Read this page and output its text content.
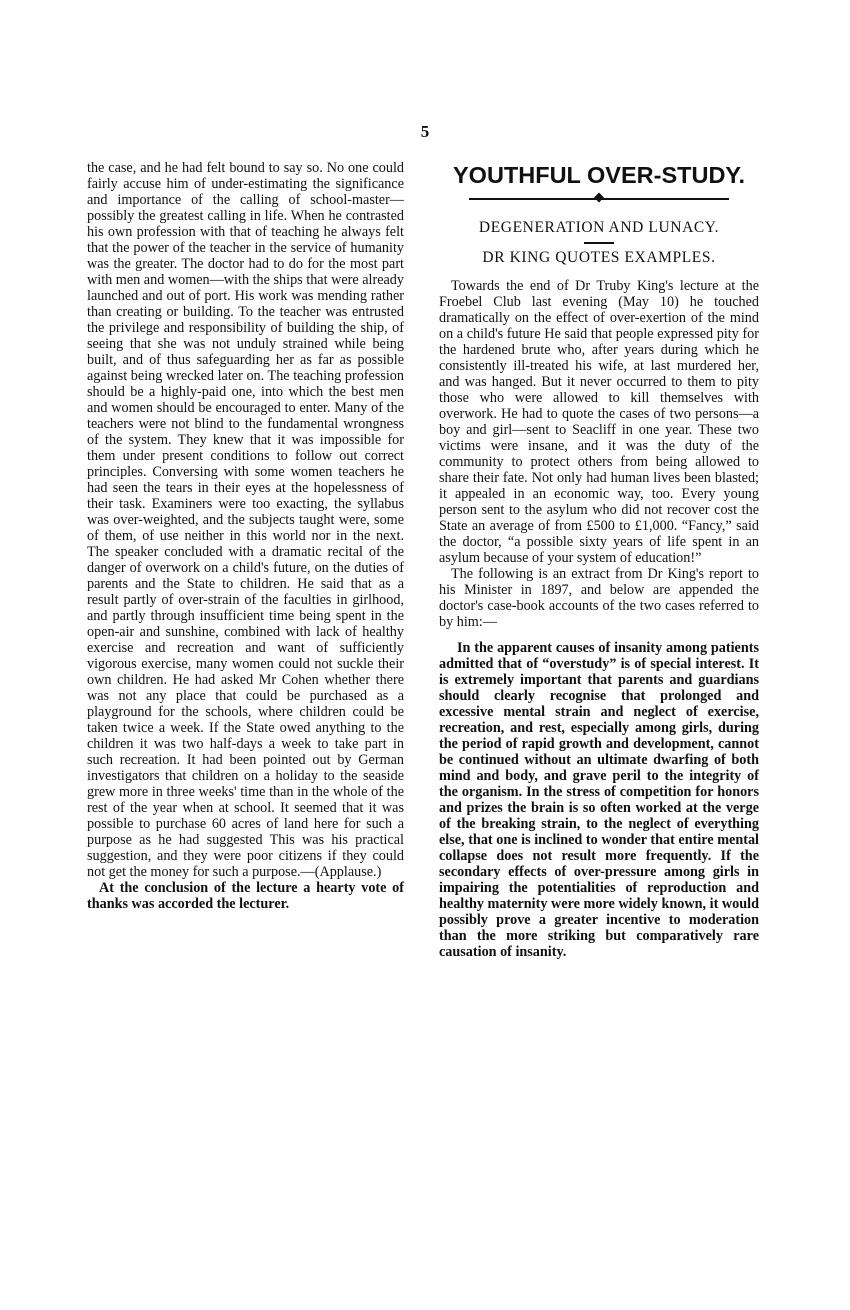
5

the case, and he had felt bound to say so. No one could fairly accuse him of under-estimating the significance and importance of the calling of school-master—possibly the greatest calling in life. When he contrasted his own profession with that of teaching he always felt that the power of the teacher in the service of humanity was the greater. The doctor had to do for the most part with men and women—with the ships that were already launched and out of port. His work was mending rather than creating or building. To the teacher was entrusted the privilege and responsibility of building the ship, of seeing that she was not unduly strained while being built, and of thus safeguarding her as far as possible against being wrecked later on. The teaching profession should be a highly-paid one, into which the best men and women should be encouraged to enter. Many of the teachers were not blind to the fundamental wrongness of the system. They knew that it was impossible for them under present conditions to follow out correct principles. Conversing with some women teachers he had seen the tears in their eyes at the hopelessness of their task. Examiners were too exacting, the syllabus was over-weighted, and the subjects taught were, some of them, of use neither in this world nor in the next. The speaker concluded with a dramatic recital of the danger of overwork on a child's future, on the duties of parents and the State to children. He said that as a result partly of over-strain of the faculties in girlhood, and partly through insufficient time being spent in the open-air and sunshine, combined with lack of healthy exercise and recreation and want of sufficiently vigorous exercise, many women could not suckle their own children. He had asked Mr Cohen whether there was not any place that could be purchased as a playground for the schools, where children could be taken twice a week. If the State owed anything to the children it was two half-days a week to take part in such recreation. It had been pointed out by German investigators that children on a holiday to the seaside grew more in three weeks' time than in the whole of the rest of the year when at school. It seemed that it was possible to purchase 60 acres of land here for such a purpose as he had suggested This was his practical suggestion, and they were poor citizens if they could not get the money for such a purpose.—(Applause.)

At the conclusion of the lecture a hearty vote of thanks was accorded the lecturer.

YOUTHFUL OVER-STUDY.
DEGENERATION AND LUNACY.
DR KING QUOTES EXAMPLES.

Towards the end of Dr Truby King's lecture at the Froebel Club last evening (May 10) he touched dramatically on the effect of over-exertion of the mind on a child's future He said that people expressed pity for the hardened brute who, after years during which he consistently ill-treated his wife, at last murdered her, and was hanged. But it never occurred to them to pity those who were allowed to kill themselves with overwork. He had to quote the cases of two persons—a boy and girl—sent to Seacliff in one year. These two victims were insane, and it was the duty of the community to protect others from being allowed to share their fate. Not only had human lives been blasted; it appealed in an economic way, too. Every young person sent to the asylum who did not recover cost the State an average of from £500 to £1,000. “Fancy,” said the doctor, “a possible sixty years of life spent in an asylum because of your system of education!”

The following is an extract from Dr King's report to his Minister in 1897, and below are appended the doctor's case-book accounts of the two cases referred to by him:—

In the apparent causes of insanity among patients admitted that of “overstudy” is of special interest. It is extremely important that parents and guardians should clearly recognise that prolonged and excessive mental strain and neglect of exercise, recreation, and rest, especially among girls, during the period of rapid growth and development, cannot be continued without an ultimate dwarfing of both mind and body, and grave peril to the integrity of the organism. In the stress of competition for honors and prizes the brain is so often worked at the verge of the breaking strain, to the neglect of everything else, that one is inclined to wonder that entire mental collapse does not result more frequently. If the secondary effects of over-pressure among girls in impairing the potentialities of reproduction and healthy maternity were more widely known, it would possibly prove a greater incentive to moderation than the more striking but comparatively rare causation of insanity.
